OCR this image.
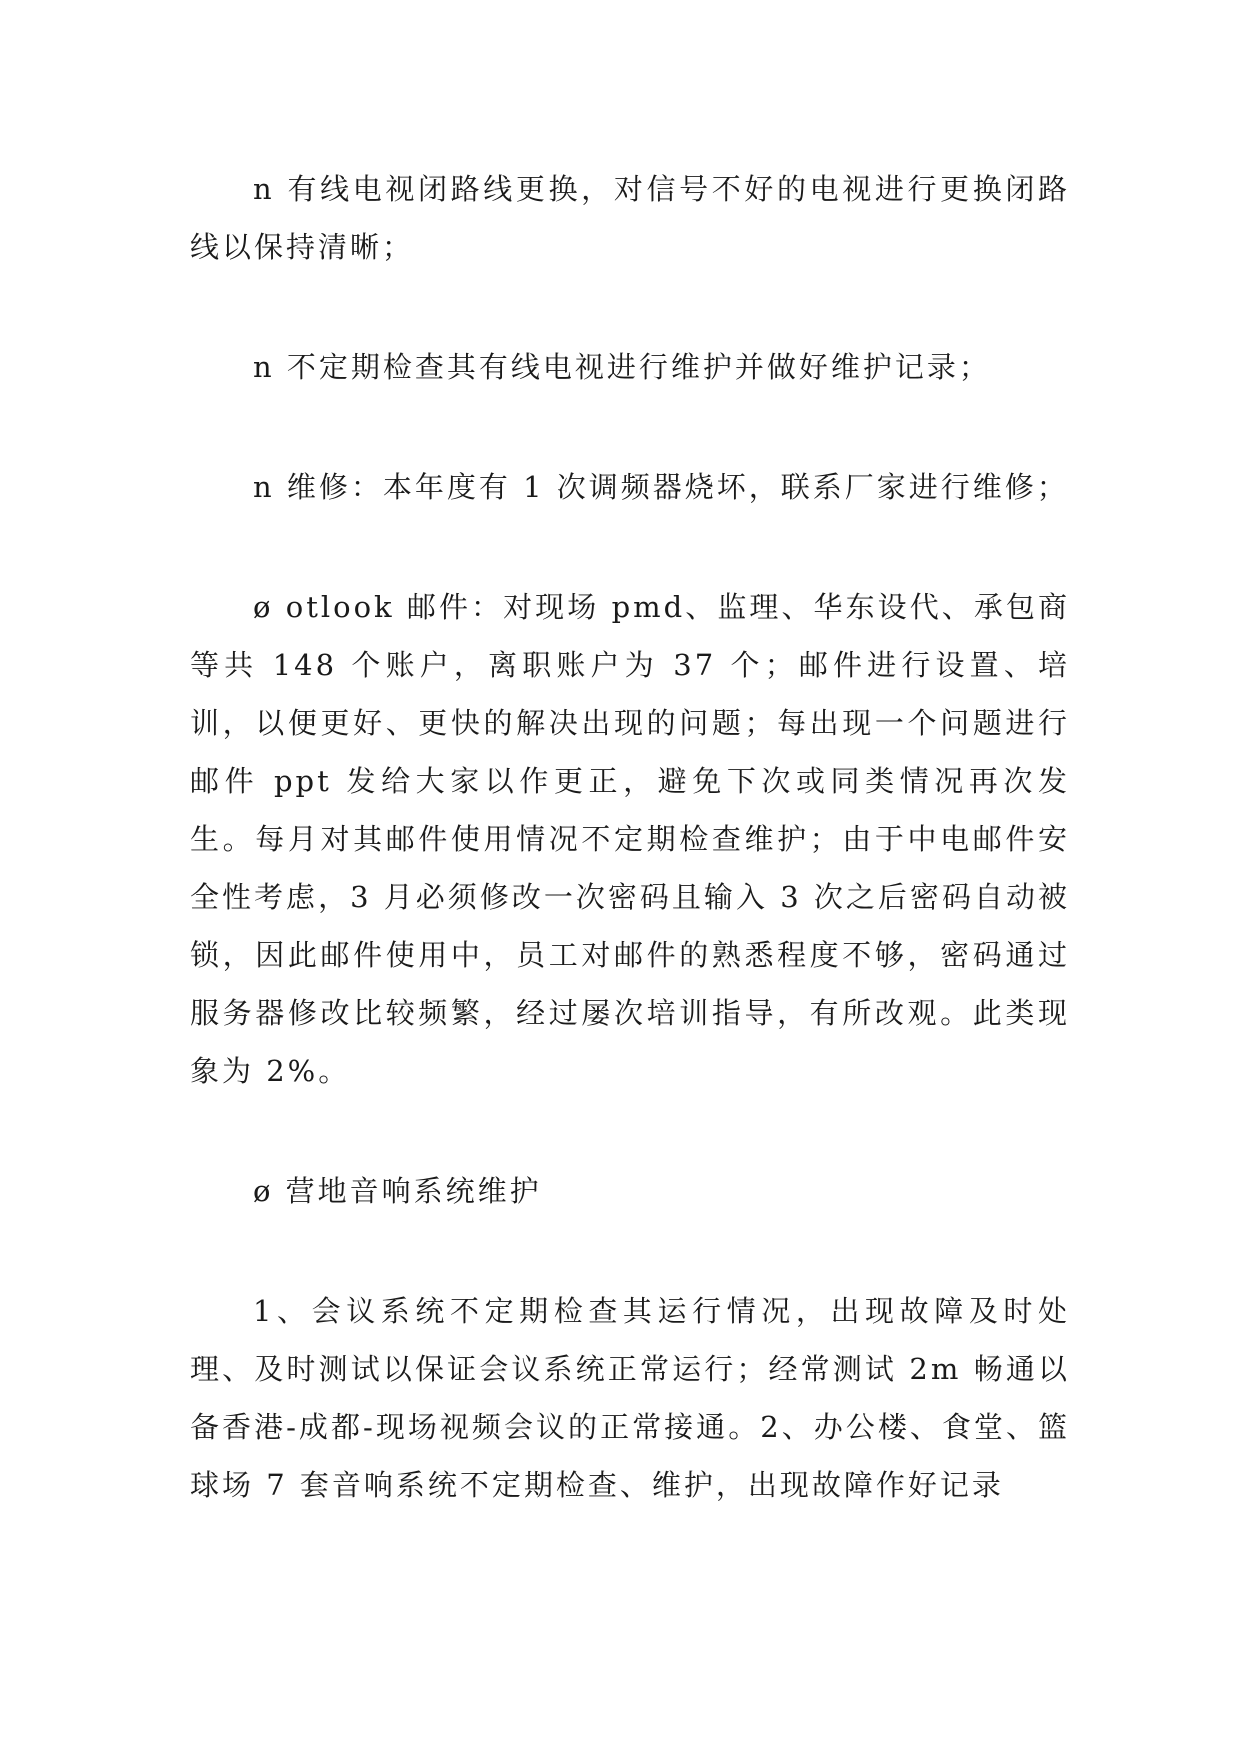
n 有线电视闭路线更换，对信号不好的电视进行更换闭路线以保持清晰；

n 不定期检查其有线电视进行维护并做好维护记录；

n 维修：本年度有 1 次调频器烧坏，联系厂家进行维修；

ø otlook 邮件：对现场 pmd、监理、华东设代、承包商等共 148 个账户，离职账户为 37 个；邮件进行设置、培训，以便更好、更快的解决出现的问题；每出现一个问题进行邮件 ppt 发给大家以作更正，避免下次或同类情况再次发生。每月对其邮件使用情况不定期检查维护；由于中电邮件安全性考虑，3 月必须修改一次密码且输入 3 次之后密码自动被锁，因此邮件使用中，员工对邮件的熟悉程度不够，密码通过服务器修改比较频繁，经过屡次培训指导，有所改观。此类现象为 2%。

ø 营地音响系统维护

1、会议系统不定期检查其运行情况，出现故障及时处理、及时测试以保证会议系统正常运行；经常测试 2m 畅通以备香港-成都-现场视频会议的正常接通。2、办公楼、食堂、篮球场 7 套音响系统不定期检查、维护，出现故障作好记录
